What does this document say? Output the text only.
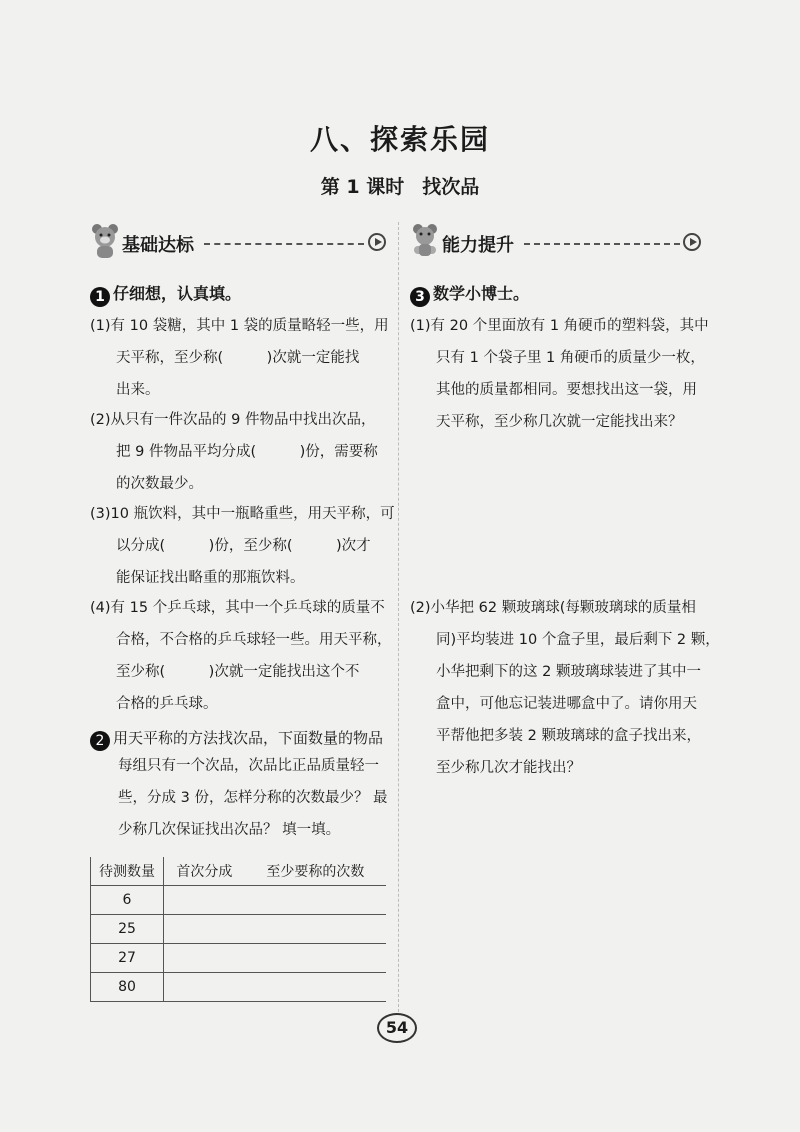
八、探索乐园
第 1 课时 找次品
基础达标	能力提升
1 仔细想，认真填。
(1)有 10 袋糖，其中 1 袋的质量略轻一些，用
天平称，至少称(　　　)次就一定能找
出来。
(2)从只有一件次品的 9 件物品中找出次品，
把 9 件物品平均分成(　　　)份，需要称
的次数最少。
(3)10 瓶饮料，其中一瓶略重些，用天平称，可
以分成(　　　)份，至少称(　　　)次才
能保证找出略重的那瓶饮料。
(4)有 15 个乒乓球，其中一个乒乓球的质量不
合格，不合格的乒乓球轻一些。用天平称，
至少称(　　　)次就一定能找出这个不
合格的乒乓球。
2 用天平称的方法找次品，下面数量的物品
每组只有一个次品，次品比正品质量轻一
些，分成 3 份，怎样分称的次数最少？ 最
少称几次保证找出次品？ 填一填。
待测数量	首次分成	至少要称的次数
6		
25		
27		
80		
3 数学小博士。
(1)有 20 个里面放有 1 角硬币的塑料袋，其中
只有 1 个袋子里 1 角硬币的质量少一枚，
其他的质量都相同。要想找出这一袋，用
天平称，至少称几次就一定能找出来？
(2)小华把 62 颗玻璃球(每颗玻璃球的质量相
同)平均装进 10 个盒子里，最后剩下 2 颗，
小华把剩下的这 2 颗玻璃球装进了其中一
盒中，可他忘记装进哪盒中了。请你用天
平帮他把多装 2 颗玻璃球的盒子找出来，
至少称几次才能找出？
54
